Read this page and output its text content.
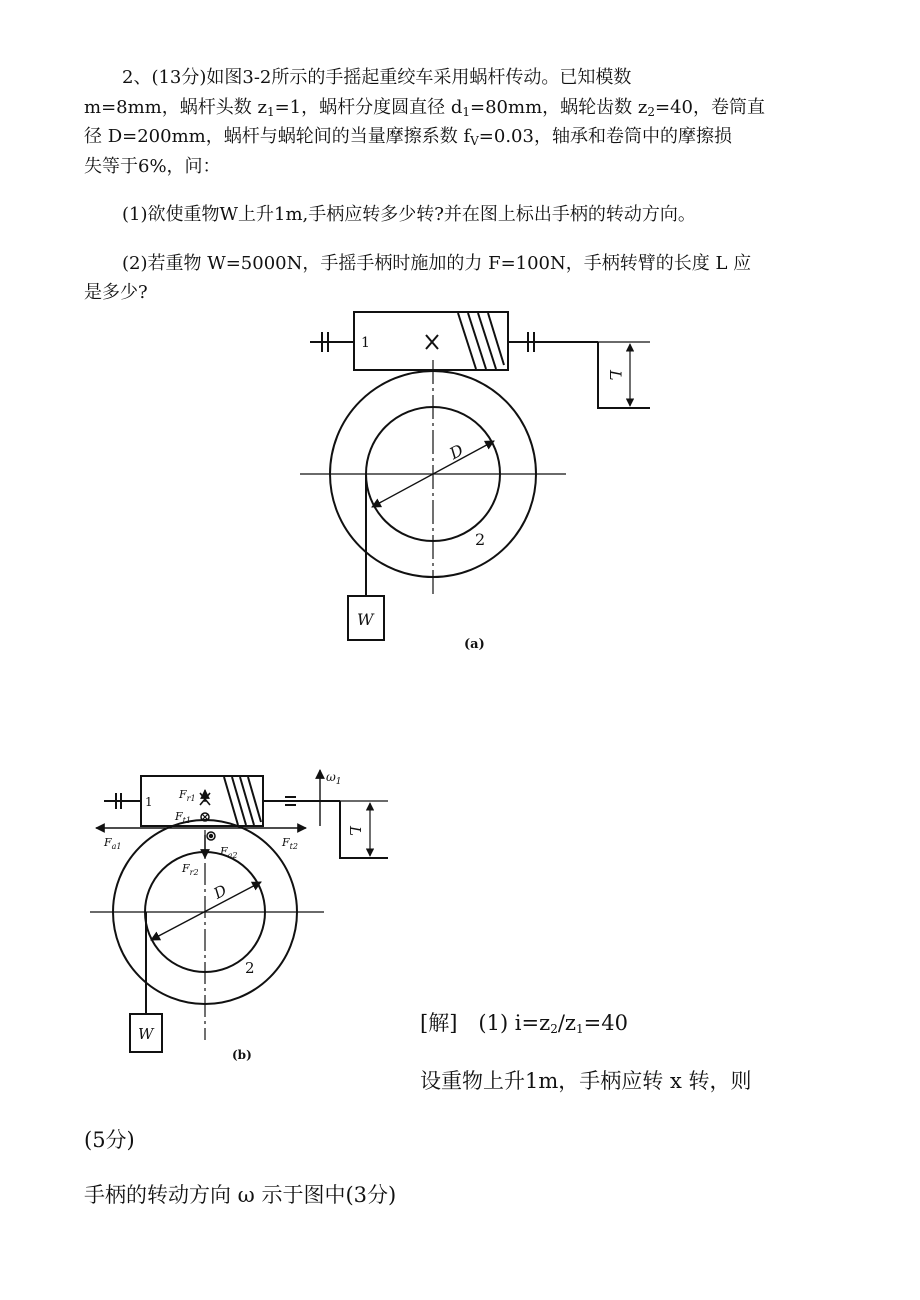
2、(13分)如图3-2所示的手摇起重绞车采用蜗杆传动。已知模数
m=8mm，蜗杆头数 $z_1=1$，蜗杆分度圆直径 $d_1=80mm$，蜗轮齿数 $z_2=40$，卷筒直
径 D=200mm，蜗杆与蜗轮间的当量摩擦系数 $f_V=0.03$，轴承和卷筒中的摩擦损
失等于6%，问：
(1)欲使重物W上升1m,手柄应转多少转?并在图上标出手柄的转动方向。
(2)若重物 W=5000N，手摇手柄时施加的力 F=100N，手柄转臂的长度 L 应
是多少?
1
2
D
L
W
(a)
1
2
D
L
W
(b)
$\omega_1$
$F_{r1}$
$F_{t1}$
$F_{a1}$	$F_{t2}$
$F_{a2}$
$F_{r2}$
[解]　(1) $i=z_2/z_1=40$
设重物上升1m，手柄应转 x 转，则
(5分)
手柄的转动方向 ω 示于图中(3分)
